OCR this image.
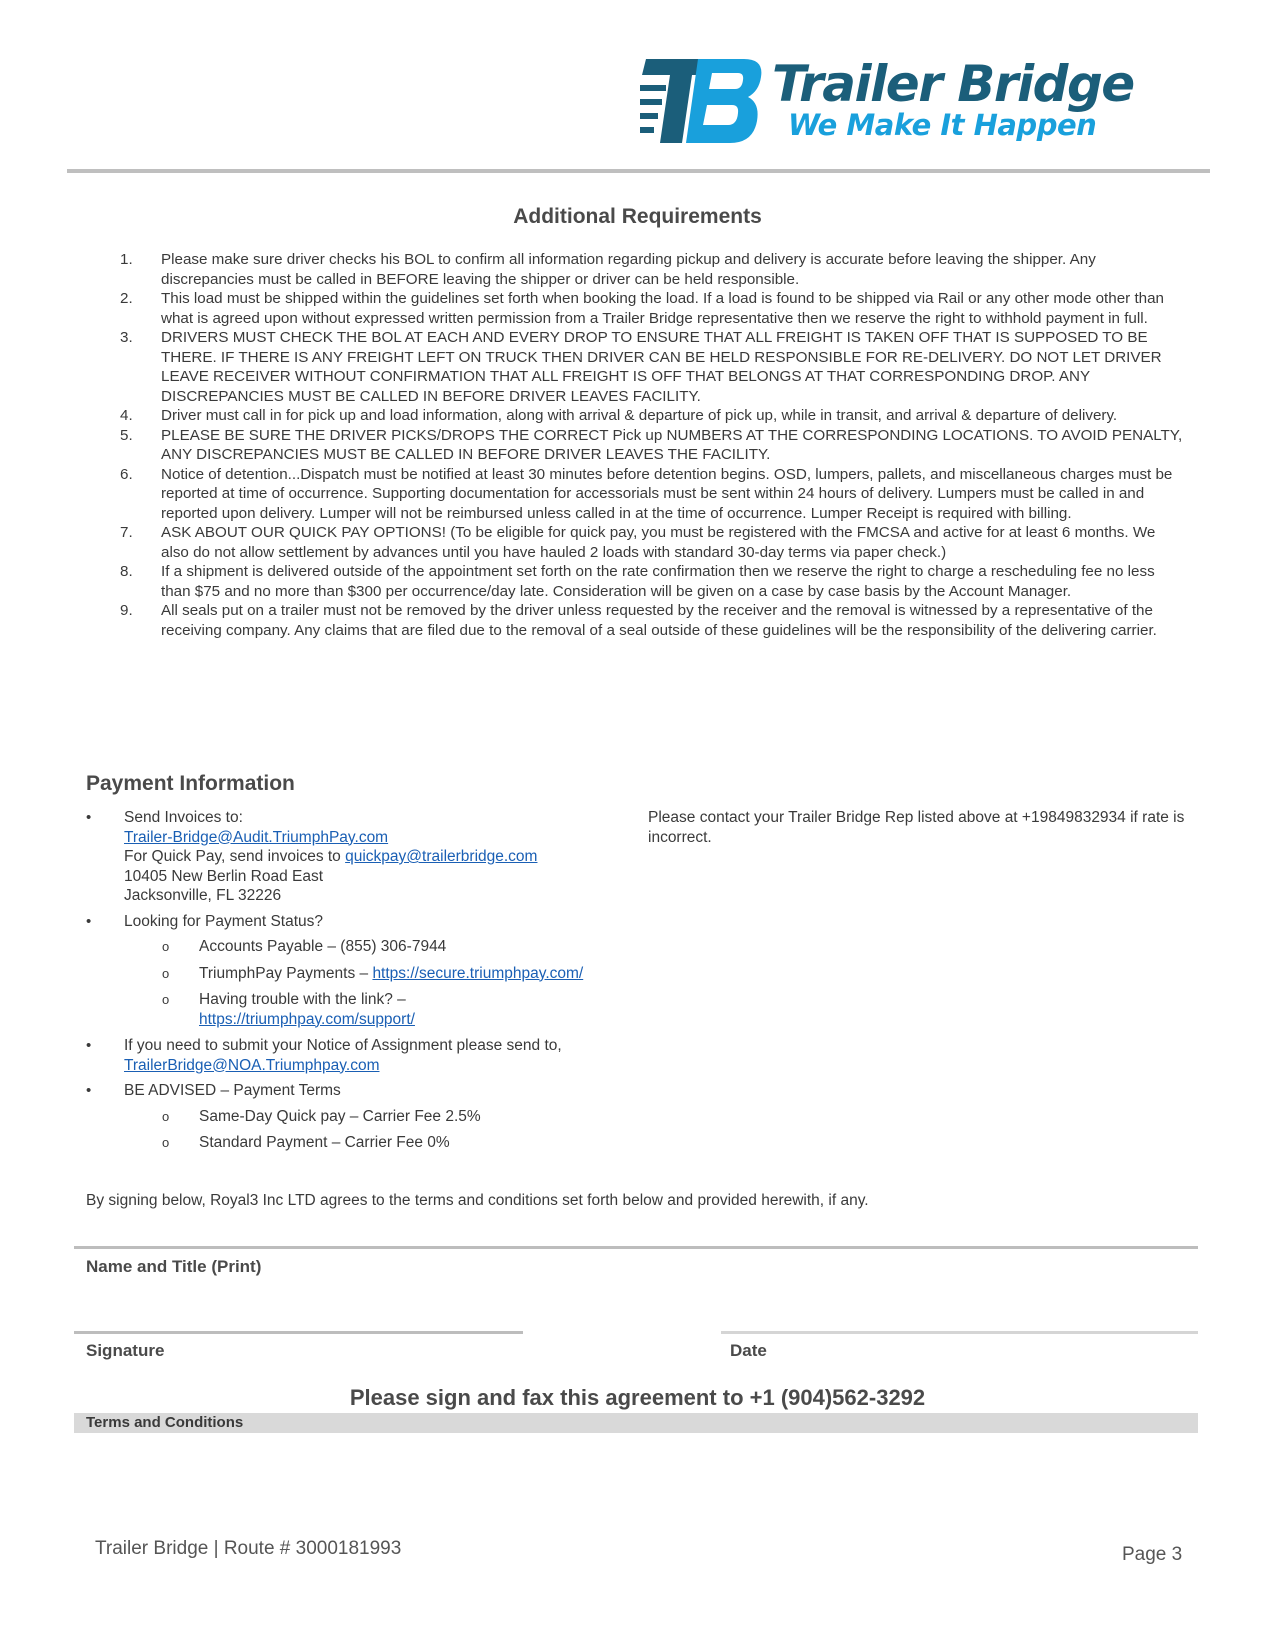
Trailer Bridge
We Make It Happen
Additional Requirements
1. Please make sure driver checks his BOL to confirm all information regarding pickup and delivery is accurate before leaving the shipper. Any discrepancies must be called in BEFORE leaving the shipper or driver can be held responsible.
2. This load must be shipped within the guidelines set forth when booking the load. If a load is found to be shipped via Rail or any other mode other than what is agreed upon without expressed written permission from a Trailer Bridge representative then we reserve the right to withhold payment in full.
3. DRIVERS MUST CHECK THE BOL AT EACH AND EVERY DROP TO ENSURE THAT ALL FREIGHT IS TAKEN OFF THAT IS SUPPOSED TO BE THERE. IF THERE IS ANY FREIGHT LEFT ON TRUCK THEN DRIVER CAN BE HELD RESPONSIBLE FOR RE-DELIVERY. DO NOT LET DRIVER LEAVE RECEIVER WITHOUT CONFIRMATION THAT ALL FREIGHT IS OFF THAT BELONGS AT THAT CORRESPONDING DROP. ANY DISCREPANCIES MUST BE CALLED IN BEFORE DRIVER LEAVES FACILITY.
4. Driver must call in for pick up and load information, along with arrival & departure of pick up, while in transit, and arrival & departure of delivery.
5. PLEASE BE SURE THE DRIVER PICKS/DROPS THE CORRECT Pick up NUMBERS AT THE CORRESPONDING LOCATIONS. TO AVOID PENALTY, ANY DISCREPANCIES MUST BE CALLED IN BEFORE DRIVER LEAVES THE FACILITY.
6. Notice of detention...Dispatch must be notified at least 30 minutes before detention begins. OSD, lumpers, pallets, and miscellaneous charges must be reported at time of occurrence. Supporting documentation for accessorials must be sent within 24 hours of delivery. Lumpers must be called in and reported upon delivery. Lumper will not be reimbursed unless called in at the time of occurrence. Lumper Receipt is required with billing.
7. ASK ABOUT OUR QUICK PAY OPTIONS! (To be eligible for quick pay, you must be registered with the FMCSA and active for at least 6 months. We also do not allow settlement by advances until you have hauled 2 loads with standard 30-day terms via paper check.)
8. If a shipment is delivered outside of the appointment set forth on the rate confirmation then we reserve the right to charge a rescheduling fee no less than $75 and no more than $300 per occurrence/day late. Consideration will be given on a case by case basis by the Account Manager.
9. All seals put on a trailer must not be removed by the driver unless requested by the receiver and the removal is witnessed by a representative of the receiving company. Any claims that are filed due to the removal of a seal outside of these guidelines will be the responsibility of the delivering carrier.
Payment Information
• Send Invoices to:
Trailer-Bridge@Audit.TriumphPay.com
For Quick Pay, send invoices to quickpay@trailerbridge.com
10405 New Berlin Road East
Jacksonville, FL 32226
• Looking for Payment Status?
o Accounts Payable – (855) 306-7944
o TriumphPay Payments – https://secure.triumphpay.com/
o Having trouble with the link? –
https://triumphpay.com/support/
• If you need to submit your Notice of Assignment please send to,
TrailerBridge@NOA.Triumphpay.com
• BE ADVISED – Payment Terms
o Same-Day Quick pay – Carrier Fee 2.5%
o Standard Payment – Carrier Fee 0%
Please contact your Trailer Bridge Rep listed above at +19849832934 if rate is incorrect.
By signing below, Royal3 Inc LTD agrees to the terms and conditions set forth below and provided herewith, if any.
Name and Title (Print)
Signature	Date
Please sign and fax this agreement to +1 (904)562-3292
Terms and Conditions
Trailer Bridge | Route # 3000181993	Page 3
